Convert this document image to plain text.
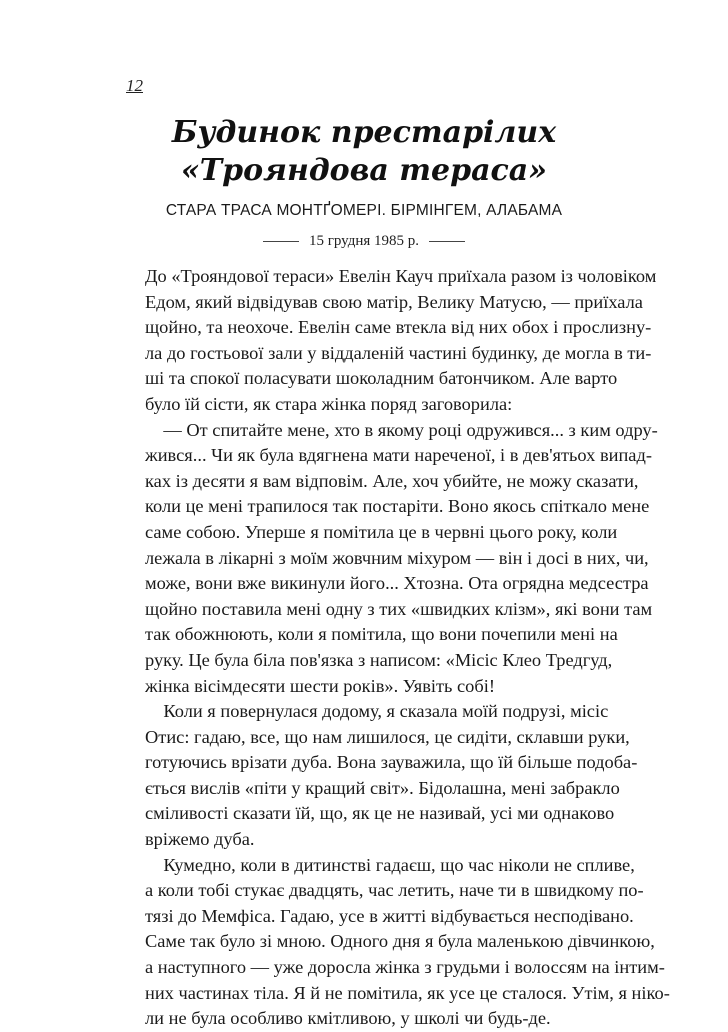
12
Будинок престарілих
«Трояндова тераса»
СТАРА ТРАСА МОНТҐОМЕРІ. БІРМІНГЕМ, АЛАБАМА
15 грудня 1985 р.
До «Трояндової тераси» Евелін Кауч приїхала разом із чоловіком
Едом, який відвідував свою матір, Велику Матусю, — приїхала
щойно, та неохоче. Евелін саме втекла від них обох і прослизну-
ла до гостьової зали у віддаленій частині будинку, де могла в ти-
ші та спокої поласувати шоколадним батончиком. Але варто
було їй сісти, як стара жінка поряд заговорила:
— От спитайте мене, хто в якому році одружився... з ким одру-
жився... Чи як була вдягнена мати нареченої, і в дев'ятьох випад-
ках із десяти я вам відповім. Але, хоч убийте, не можу сказати,
коли це мені трапилося так постаріти. Воно якось спіткало мене
саме собою. Уперше я помітила це в червні цього року, коли
лежала в лікарні з моїм жовчним міхуром — він і досі в них, чи,
може, вони вже викинули його... Хтозна. Ота огрядна медсестра
щойно поставила мені одну з тих «швидких клізм», які вони там
так обожнюють, коли я помітила, що вони почепили мені на
руку. Це була біла пов'язка з написом: «Місіс Клео Тредгуд,
жінка вісімдесяти шести років». Уявіть собі!
Коли я повернулася додому, я сказала моїй подрузі, місіс
Отис: гадаю, все, що нам лишилося, це сидіти, склавши руки,
готуючись врізати дуба. Вона зауважила, що їй більше подоба-
ється вислів «піти у кращий світ». Бідолашна, мені забракло
сміливості сказати їй, що, як це не називай, усі ми однаково
вріжемо дуба.
Кумедно, коли в дитинстві гадаєш, що час ніколи не спливе,
а коли тобі стукає двадцять, час летить, наче ти в швидкому по-
тязі до Мемфіса. Гадаю, усе в житті відбувається несподівано.
Саме так було зі мною. Одного дня я була маленькою дівчинкою,
а наступного — уже доросла жінка з грудьми і волоссям на інтим-
них частинах тіла. Я й не помітила, як усе це сталося. Утім, я ніко-
ли не була особливо кмітливою, у школі чи будь-де.
